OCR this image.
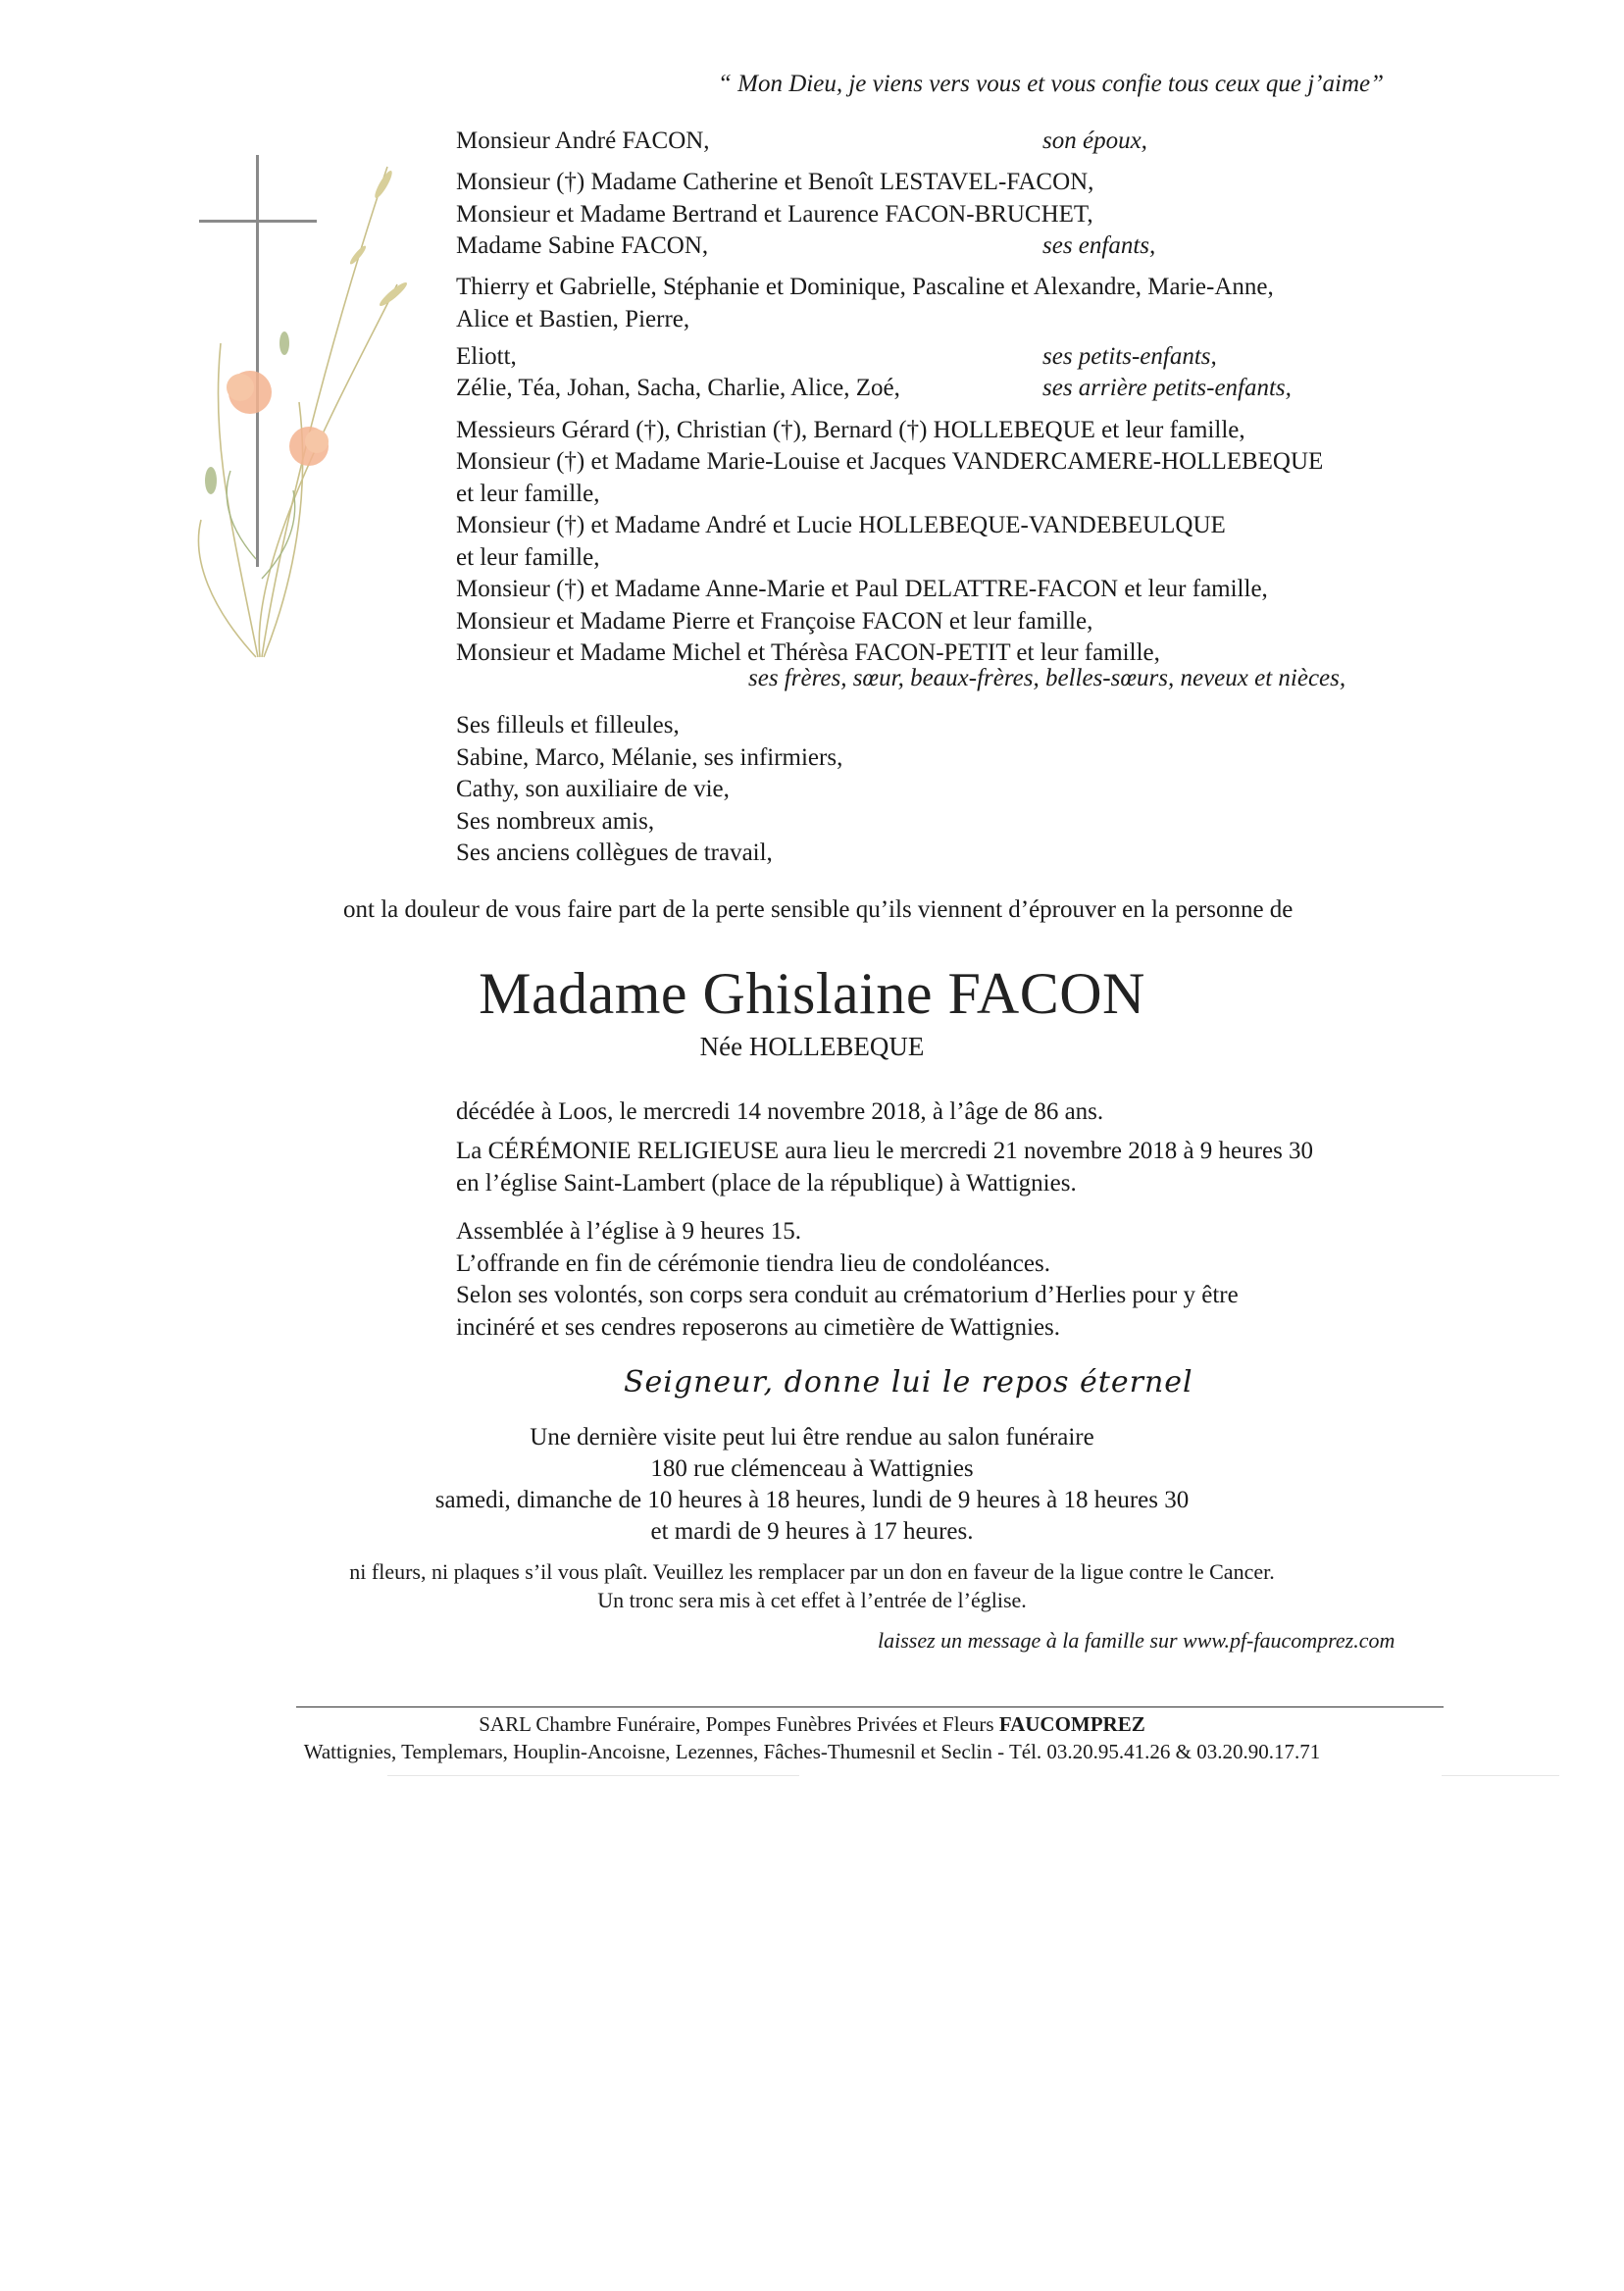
“ Mon Dieu, je viens vers vous et vous confie tous ceux que j’aime”
Monsieur André FACON,	son époux,
Monsieur (†) Madame Catherine et Benoît LESTAVEL-FACON,
Monsieur et Madame Bertrand et Laurence FACON-BRUCHET,
Madame Sabine FACON,	ses enfants,
Thierry et Gabrielle, Stéphanie et Dominique, Pascaline et Alexandre, Marie-Anne,
Alice et Bastien, Pierre,
Eliott,	ses petits-enfants,
Zélie, Téa, Johan, Sacha, Charlie, Alice, Zoé,	ses arrière petits-enfants,
Messieurs Gérard (†), Christian (†), Bernard (†) HOLLEBEQUE et leur famille,
Monsieur (†) et Madame Marie-Louise et Jacques VANDERCAMERE-HOLLEBEQUE
et leur famille,
Monsieur (†) et Madame André et Lucie HOLLEBEQUE-VANDEBEULQUE
et leur famille,
Monsieur (†) et Madame Anne-Marie et Paul DELATTRE-FACON et leur famille,
Monsieur et Madame Pierre et Françoise FACON et leur famille,
Monsieur et Madame Michel et Thérèsa FACON-PETIT et leur famille,
ses frères, sœur, beaux-frères, belles-sœurs, neveux et nièces,
Ses filleuls et filleules,
Sabine, Marco, Mélanie, ses infirmiers,
Cathy, son auxiliaire de vie,
Ses nombreux amis,
Ses anciens collègues de travail,
ont la douleur de vous faire part de la perte sensible qu’ils viennent d’éprouver en la personne de
Madame Ghislaine FACON
Née HOLLEBEQUE
décédée à Loos, le mercredi 14 novembre 2018, à l’âge de 86 ans.
La CÉRÉMONIE RELIGIEUSE aura lieu le mercredi 21 novembre 2018 à 9 heures 30
en l’église Saint-Lambert (place de la république) à Wattignies.
Assemblée à l’église à 9 heures 15.
L’offrande en fin de cérémonie tiendra lieu de condoléances.
Selon ses volontés, son corps sera conduit au crématorium d’Herlies pour y être
incinéré et ses cendres reposerons au cimetière de Wattignies.
Seigneur, donne lui le repos éternel
Une dernière visite peut lui être rendue au salon funéraire
180 rue clémenceau à Wattignies
samedi, dimanche de 10 heures à 18 heures, lundi de 9 heures à 18 heures 30
et mardi de 9 heures à 17 heures.
ni fleurs, ni plaques s’il vous plaît. Veuillez les remplacer par un don en faveur de la ligue contre le Cancer.
Un tronc sera mis à cet effet à l’entrée de l’église.
laissez un message à la famille sur www.pf-faucomprez.com
SARL Chambre Funéraire, Pompes Funèbres Privées et Fleurs FAUCOMPREZ
Wattignies, Templemars, Houplin-Ancoisne, Lezennes, Fâches-Thumesnil et Seclin - Tél. 03.20.95.41.26 & 03.20.90.17.71
